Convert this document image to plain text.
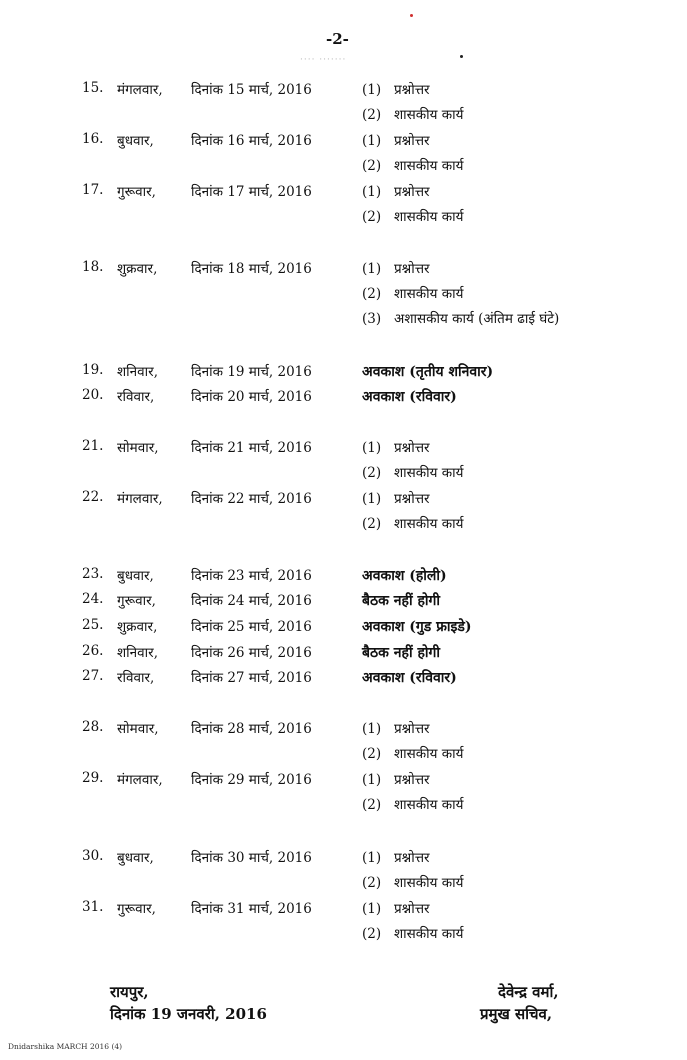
-2-
···· ·······
15. मंगलवार, दिनांक 15 मार्च, 2016	(1) प्रश्नोत्तर
(2) शासकीय कार्य
16. बुधवार,	दिनांक 16 मार्च, 2016	(1) प्रश्नोत्तर
(2) शासकीय कार्य
17. गुरूवार,	दिनांक 17 मार्च, 2016	(1) प्रश्नोत्तर
(2) शासकीय कार्य
18. शुक्रवार, दिनांक 18 मार्च, 2016	(1) प्रश्नोत्तर
(2) शासकीय कार्य
(3) अशासकीय कार्य (अंतिम ढाई घंटे)
19. शनिवार, दिनांक 19 मार्च, 2016	अवकाश (तृतीय शनिवार)
20. रविवार,	दिनांक 20 मार्च, 2016	अवकाश (रविवार)
21. सोमवार, दिनांक 21 मार्च, 2016	(1) प्रश्नोत्तर
(2) शासकीय कार्य
22. मंगलवार, दिनांक 22 मार्च, 2016	(1) प्रश्नोत्तर
(2) शासकीय कार्य
23. बुधवार,	दिनांक 23 मार्च, 2016	अवकाश (होली)
24. गुरूवार,	दिनांक 24 मार्च, 2016	बैठक नहीं होगी
25. शुक्रवार, दिनांक 25 मार्च, 2016	अवकाश (गुड फ्राइडे)
26. शनिवार, दिनांक 26 मार्च, 2016	बैठक नहीं होगी
27. रविवार,	दिनांक 27 मार्च, 2016	अवकाश (रविवार)
28. सोमवार, दिनांक 28 मार्च, 2016	(1) प्रश्नोत्तर
(2) शासकीय कार्य
29. मंगलवार, दिनांक 29 मार्च, 2016	(1) प्रश्नोत्तर
(2) शासकीय कार्य
30. बुधवार,	दिनांक 30 मार्च, 2016	(1) प्रश्नोत्तर
(2) शासकीय कार्य
31. गुरूवार,	दिनांक 31 मार्च, 2016	(1) प्रश्नोत्तर
(2) शासकीय कार्य
रायपुर,
दिनांक 19 जनवरी, 2016
देवेन्द्र वर्मा,
प्रमुख सचिव,
Dnidarshika MARCH 2016 (4)
